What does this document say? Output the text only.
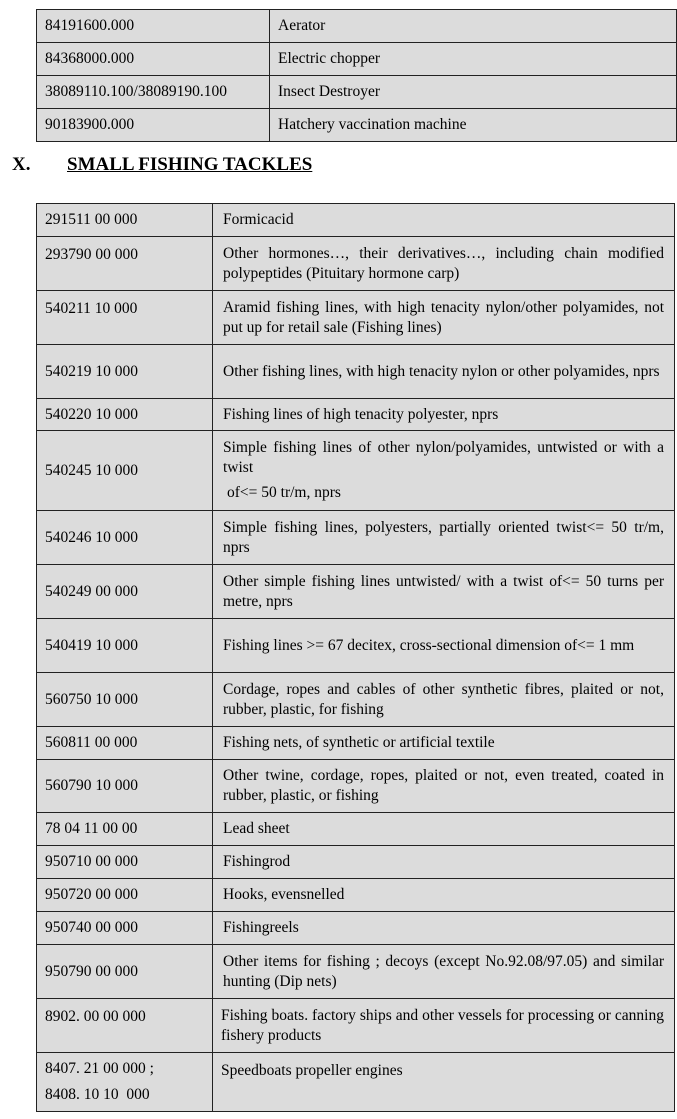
84191600.000	Aerator
84368000.000	Electric chopper
38089110.100/38089190.100	Insect Destroyer
90183900.000	Hatchery vaccination machine
X. SMALL FISHING TACKLES
291511 00 000	Formicacid
293790 00 000	Other hormones…, their derivatives…, including chain modified polypeptides (Pituitary hormone carp)
540211 10 000	Aramid fishing lines, with high tenacity nylon/other polyamides, not put up for retail sale (Fishing lines)
540219 10 000	Other fishing lines, with high tenacity nylon or other polyamides, nprs
540220 10 000	Fishing lines of high tenacity polyester, nprs
540245 10 000	Simple fishing lines of other nylon/polyamides, untwisted or with a twist
of<= 50 tr/m, nprs

540246 10 000	Simple fishing lines, polyesters, partially oriented twist<= 50 tr/m, nprs
540249 00 000	Other simple fishing lines untwisted/ with a twist of<= 50 turns per metre, nprs
540419 10 000	Fishing lines >= 67 decitex, cross-sectional dimension of<= 1 mm
560750 10 000	Cordage, ropes and cables of other synthetic fibres, plaited or not, rubber, plastic, for fishing
560811 00 000	Fishing nets, of synthetic or artificial textile
560790 10 000	Other twine, cordage, ropes, plaited or not, even treated, coated in rubber, plastic, or fishing
78 04 11 00 00	Lead sheet
950710 00 000	Fishingrod
950720 00 000	Hooks, evensnelled
950740 00 000	Fishingreels
950790 00 000	Other items for fishing ; decoys (except No.92.08/97.05) and similar hunting (Dip nets)
8902. 00 00 000	Fishing boats. factory ships and other vessels for processing or canning fishery products

8407. 21 00 000 ;
8408. 10 10  000	Speedboats propeller engines
